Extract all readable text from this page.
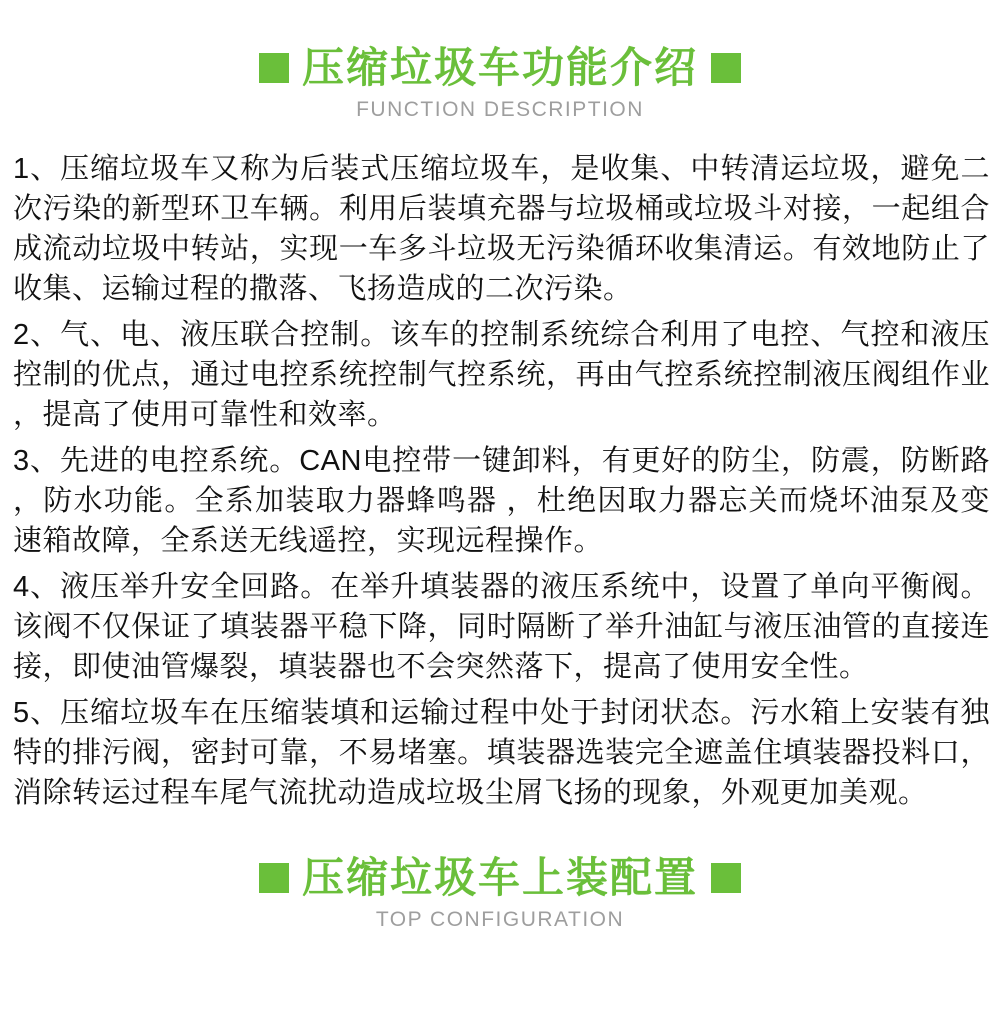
压缩垃圾车功能介绍
FUNCTION DESCRIPTION

1、压缩垃圾车又称为后装式压缩垃圾车，是收集、中转清运垃圾，避免二次污染的新型环卫车辆。利用后装填充器与垃圾桶或垃圾斗对接，一起组合成流动垃圾中转站，实现一车多斗垃圾无污染循环收集清运。有效地防止了收集、运输过程的撒落、飞扬造成的二次污染。

2、气、电、液压联合控制。该车的控制系统综合利用了电控、气控和液压控制的优点，通过电控系统控制气控系统，再由气控系统控制液压阀组作业，提高了使用可靠性和效率。

3、先进的电控系统。CAN电控带一键卸料，有更好的防尘，防震，防断路，防水功能。全系加装取力器蜂鸣器 ，杜绝因取力器忘关而烧坏油泵及变速箱故障，全系送无线遥控，实现远程操作。

4、液压举升安全回路。在举升填装器的液压系统中，设置了单向平衡阀。该阀不仅保证了填装器平稳下降，同时隔断了举升油缸与液压油管的直接连接，即使油管爆裂，填装器也不会突然落下，提高了使用安全性。

5、压缩垃圾车在压缩装填和运输过程中处于封闭状态。污水箱上安装有独特的排污阀，密封可靠，不易堵塞。填装器选装完全遮盖住填装器投料口，消除转运过程车尾气流扰动造成垃圾尘屑飞扬的现象，外观更加美观。

压缩垃圾车上装配置
TOP CONFIGURATION
